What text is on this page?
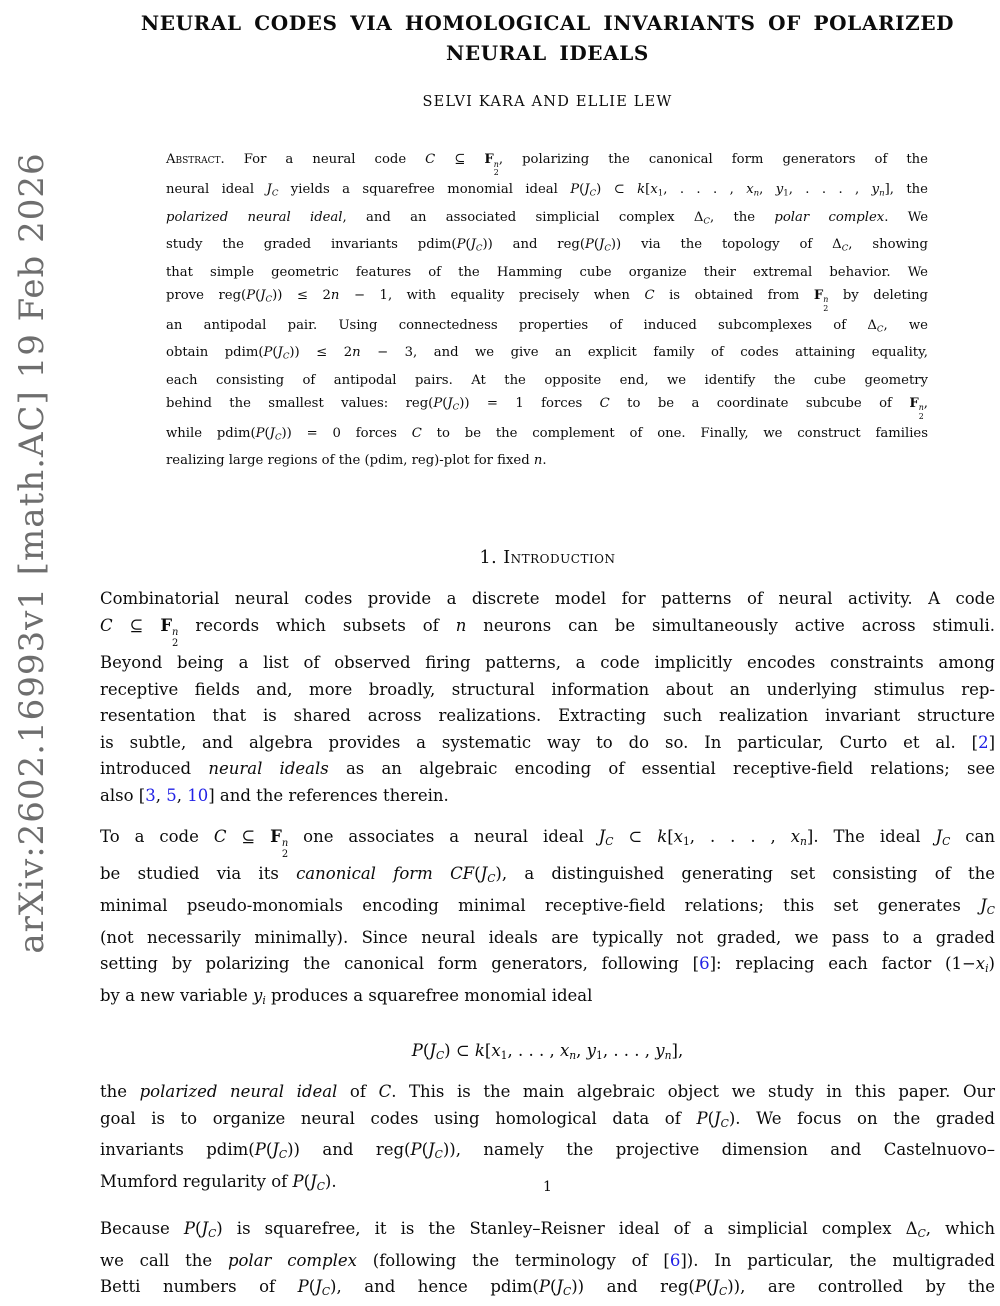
arXiv:2602.16993v1 [math.AC] 19 Feb 2026
NEURAL CODES VIA HOMOLOGICAL INVARIANTS OF POLARIZED
NEURAL IDEALS
SELVI KARA AND ELLIE LEW
Abstract. For a neural code C ⊆ F n
2
, polarizing the canonical form generators of the
neural ideal $J_C$ yields a squarefree monomial ideal $P(J_C)$ ⊂ $k[x_1$, . . . , $x_n$, $y_1$, . . . , $y_n$], the
polarized neural ideal, and an associated simplicial complex $\Delta_C$, the polar complex. We
study the graded invariants $pdim(P(J_C))$ and $reg(P(J_C))$ via the topology of $\Delta_C$, showing
that simple geometric features of the Hamming cube organize their extremal behavior. We
prove $reg(P(J_C)) \le 2n - 1$, with equality precisely when C is obtained from F n
2
by deleting
an antipodal pair. Using connectedness properties of induced subcomplexes of $\Delta_C$, we
obtain $pdim(P(J_C)) \le 2n - 3$, and we give an explicit family of codes attaining equality,
each consisting of antipodal pairs. At the opposite end, we identify the cube geometry
behind the smallest values: $reg(P(J_C)) = 1$ forces C to be a coordinate subcube of F n
2
,
while $pdim(P(J_C)) = 0$ forces C to be the complement of one. Finally, we construct families
realizing large regions of the (pdim, reg)-plot for fixed n.
1. Introduction
Combinatorial neural codes provide a discrete model for patterns of neural activity. A code
C ⊆ F n
2
records which subsets of n neurons can be simultaneously active across stimuli.
Beyond being a list of observed firing patterns, a code implicitly encodes constraints among
receptive fields and, more broadly, structural information about an underlying stimulus rep-
resentation that is shared across realizations. Extracting such realization invariant structure
is subtle, and algebra provides a systematic way to do so. In particular, Curto et al. [2]
introduced neural ideals as an algebraic encoding of essential receptive-field relations; see
also [3, 5, 10] and the references therein.
To a code C ⊆ F n
2
one associates a neural ideal $J_C$ ⊂ $k[x_1$, . . . , $x_n$]. The ideal $J_C$ can
be studied via its canonical form $CF(J_C)$, a distinguished generating set consisting of the
minimal pseudo-monomials encoding minimal receptive-field relations; this set generates $J_C$
(not necessarily minimally). Since neural ideals are typically not graded, we pass to a graded
setting by polarizing the canonical form generators, following [6]: replacing each factor $(1-x_i)$
by a new variable $y_i$ produces a squarefree monomial ideal
$P(J_C)$ ⊂ $k[x_1$, . . . , $x_n$, $y_1$, . . . , $y_n$],
the polarized neural ideal of C. This is the main algebraic object we study in this paper. Our
goal is to organize neural codes using homological data of $P(J_C)$. We focus on the graded
invariants $pdim(P(J_C))$ and $reg(P(J_C))$, namely the projective dimension and Castelnuovo–
Mumford regularity of $P(J_C)$.
Because $P(J_C)$ is squarefree, it is the Stanley–Reisner ideal of a simplicial complex $\Delta_C$, which
we call the polar complex (following the terminology of [6]). In particular, the multigraded
Betti numbers of $P(J_C)$, and hence $pdim(P(J_C))$ and $reg(P(J_C))$, are controlled by the
1
